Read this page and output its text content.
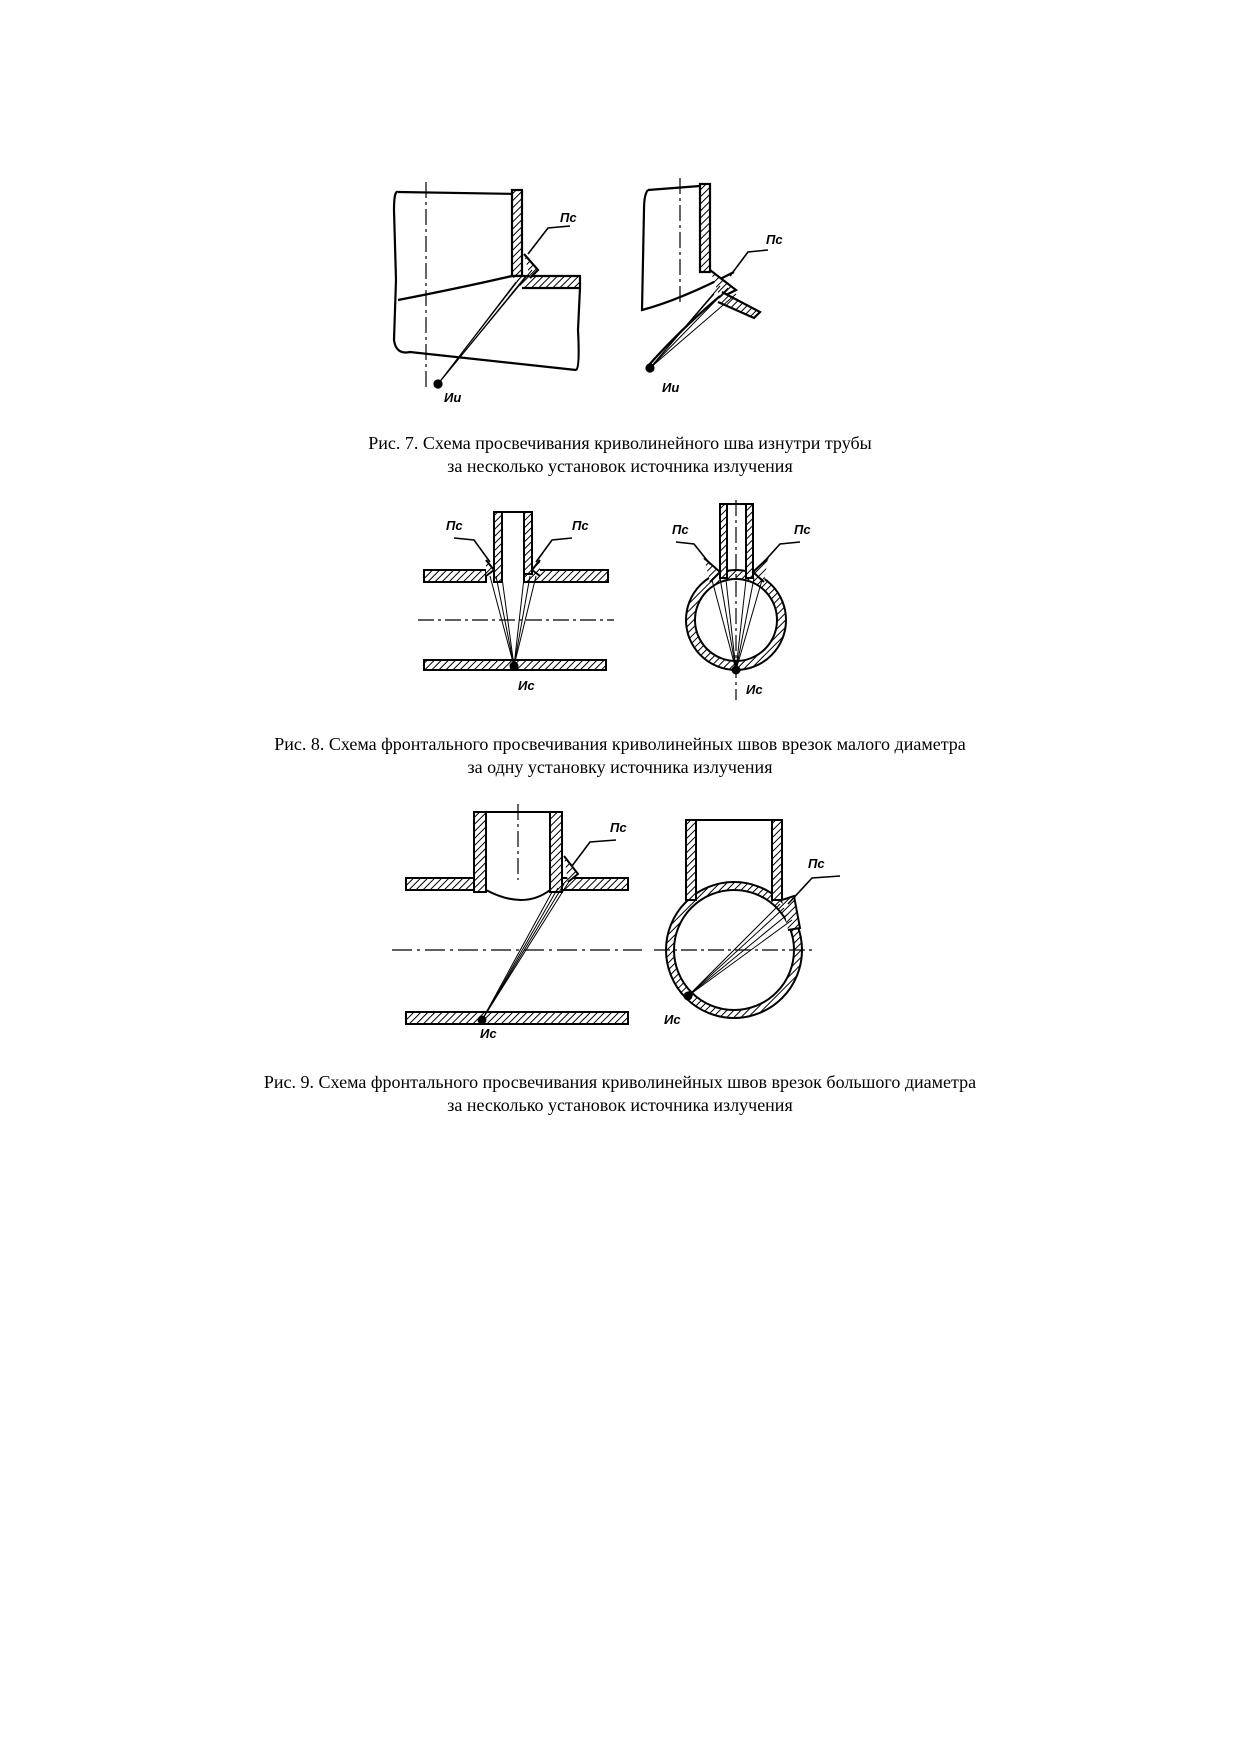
Пс
Ии
Пс
Ии
Рис. 7. Схема просвечивания криволинейного шва изнутри трубы
за несколько установок источника излучения
Пс	Пс
Ис
Пс	Пс
Ис
Рис. 8. Схема фронтального просвечивания криволинейных швов врезок малого диаметра
за одну установку источника излучения
Пс
Ис
Пс
Ис
Рис. 9. Схема фронтального просвечивания криволинейных швов врезок большого диаметра
за несколько установок источника излучения
